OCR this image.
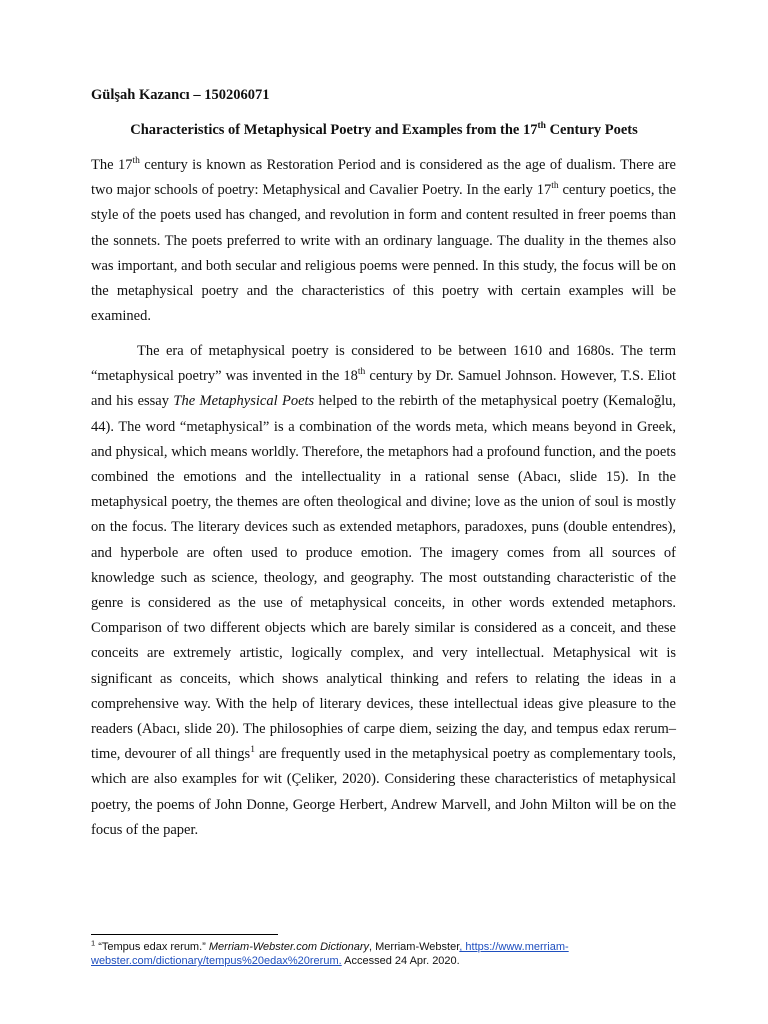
Gülşah Kazancı – 150206071
Characteristics of Metaphysical Poetry and Examples from the 17th Century Poets

The 17th century is known as Restoration Period and is considered as the age of dualism. There are two major schools of poetry: Metaphysical and Cavalier Poetry. In the early 17th century poetics, the style of the poets used has changed, and revolution in form and content resulted in freer poems than the sonnets. The poets preferred to write with an ordinary language. The duality in the themes also was important, and both secular and religious poems were penned. In this study, the focus will be on the metaphysical poetry and the characteristics of this poetry with certain examples will be examined.

The era of metaphysical poetry is considered to be between 1610 and 1680s. The term “metaphysical poetry” was invented in the 18th century by Dr. Samuel Johnson. However, T.S. Eliot and his essay The Metaphysical Poets helped to the rebirth of the metaphysical poetry (Kemaloğlu, 44). The word “metaphysical” is a combination of the words meta, which means beyond in Greek, and physical, which means worldly. Therefore, the metaphors had a profound function, and the poets combined the emotions and the intellectuality in a rational sense (Abacı, slide 15). In the metaphysical poetry, the themes are often theological and divine; love as the union of soul is mostly on the focus. The literary devices such as extended metaphors, paradoxes, puns (double entendres), and hyperbole are often used to produce emotion. The imagery comes from all sources of knowledge such as science, theology, and geography. The most outstanding characteristic of the genre is considered as the use of metaphysical conceits, in other words extended metaphors. Comparison of two different objects which are barely similar is considered as a conceit, and these conceits are extremely artistic, logically complex, and very intellectual. Metaphysical wit is significant as conceits, which shows analytical thinking and refers to relating the ideas in a comprehensive way. With the help of literary devices, these intellectual ideas give pleasure to the readers (Abacı, slide 20). The philosophies of carpe diem, seizing the day, and tempus edax rerum– time, devourer of all things$^1$ are frequently used in the metaphysical poetry as complementary tools, which are also examples for wit (Çeliker, 2020). Considering these characteristics of metaphysical poetry, the poems of John Donne, George Herbert, Andrew Marvell, and John Milton will be on the focus of the paper.

$^1$ “Tempus edax rerum.” Merriam-Webster.com Dictionary, Merriam-Webster, https://www.merriam-webster.com/dictionary/tempus%20edax%20rerum. Accessed 24 Apr. 2020.
